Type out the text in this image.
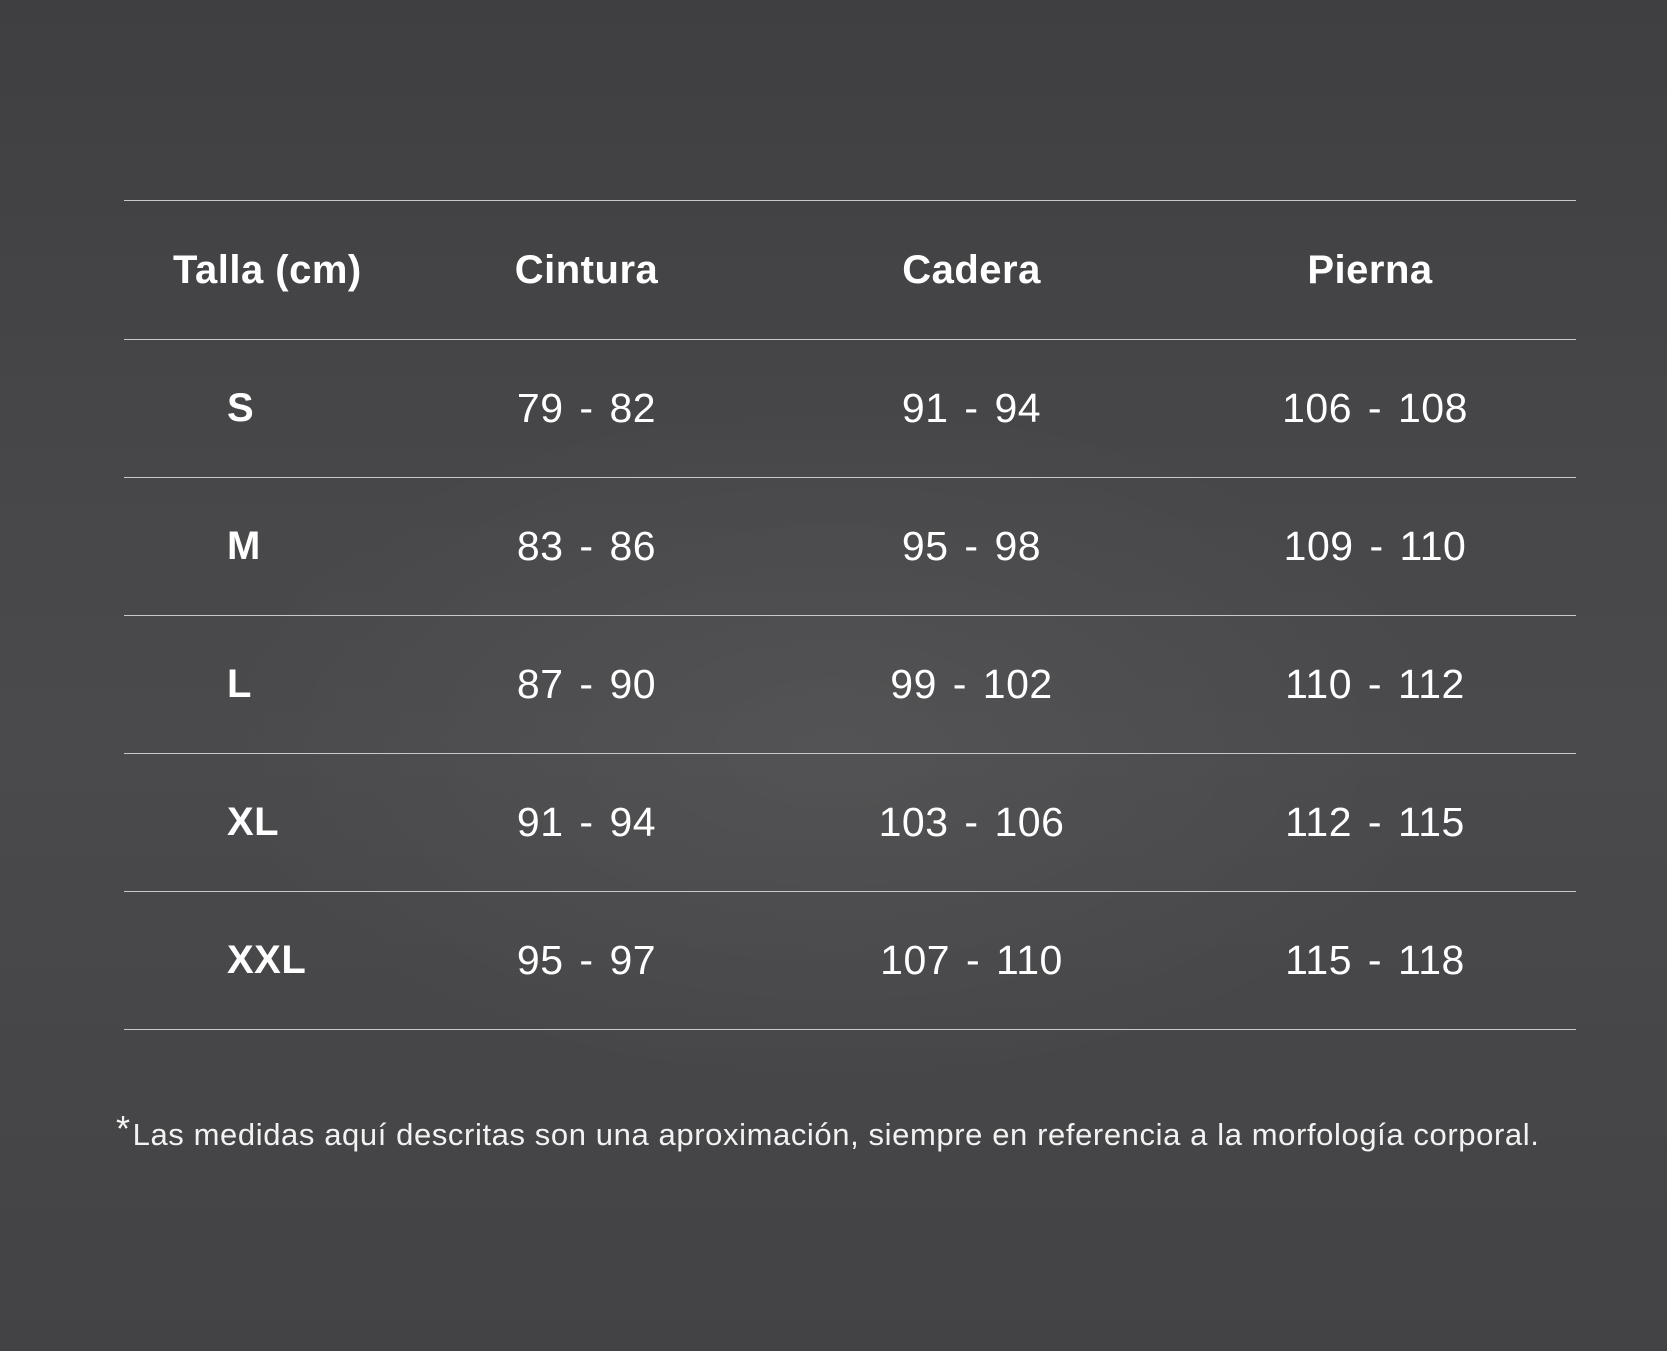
Talla (cm)	Cintura	Cadera	Pierna
S	79 - 82	91 - 94	106 - 108
M	83 - 86	95 - 98	109 - 110
L	87 - 90	99 - 102	110 - 112
XL	91 - 94	103 - 106	112 - 115
XXL	95 - 97	107 - 110	115 - 118
*Las medidas aquí descritas son una aproximación, siempre en referencia a la morfología corporal.
